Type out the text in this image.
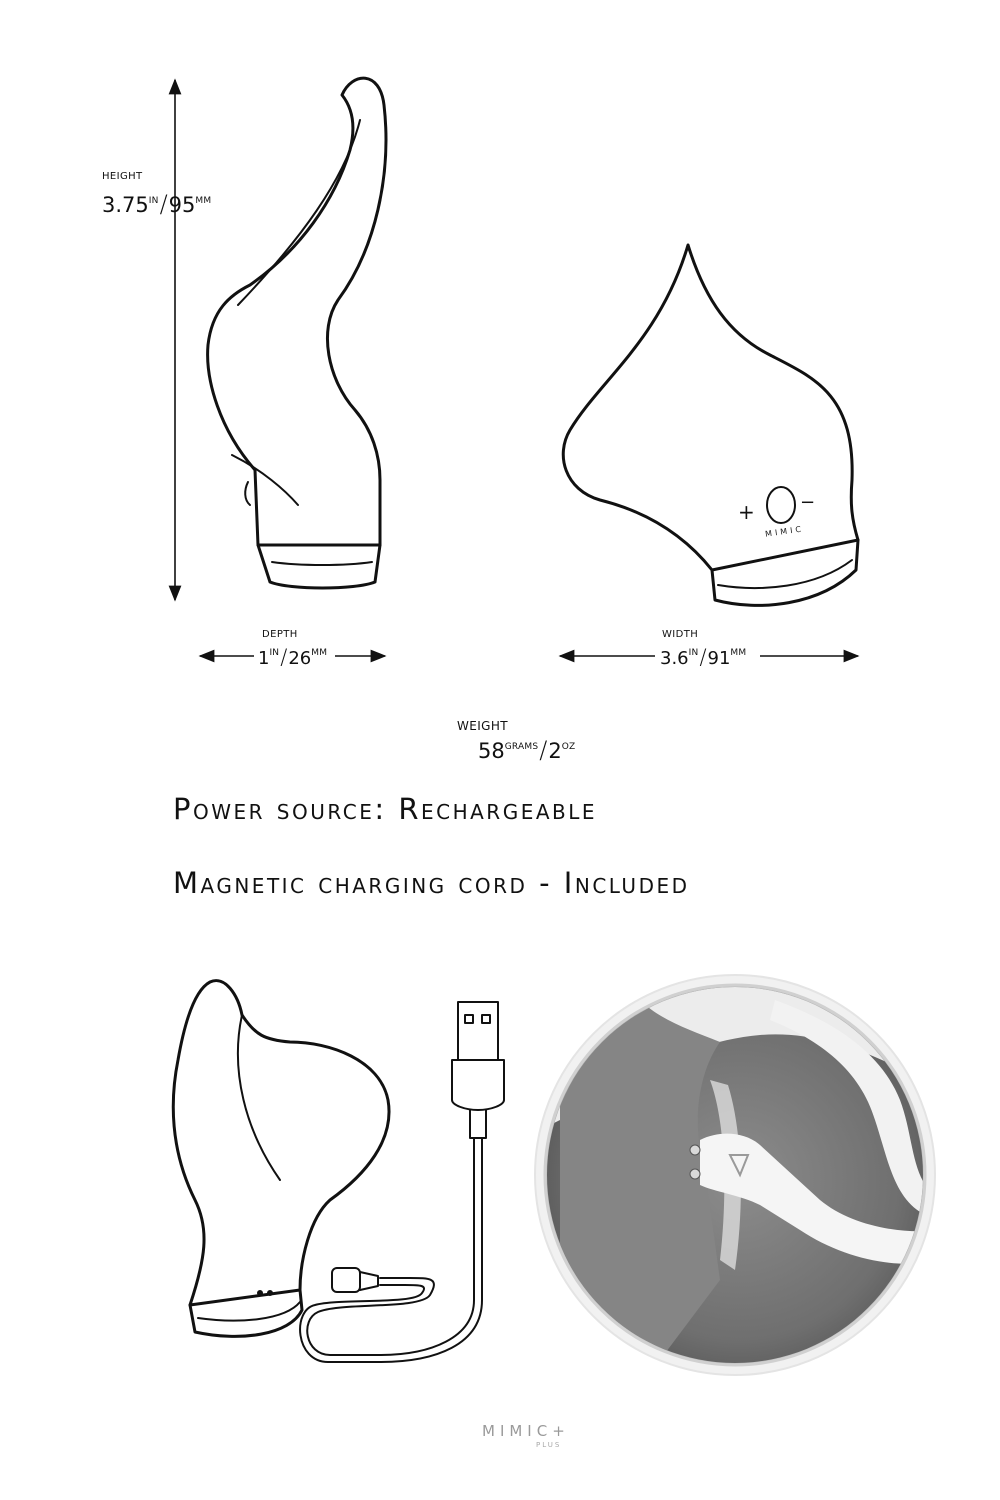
+	−
MIMIC
HEIGHT
$3.75^{IN}/95^{MM}$
DEPTH
$1^{IN}/26^{MM}$
WIDTH
$3.6^{IN}/91^{MM}$
WEIGHT
$58^{GRAMS}/2^{OZ}$
Power source: Rechargeable
Magnetic charging cord - Included
MIMIC+
PLUS
